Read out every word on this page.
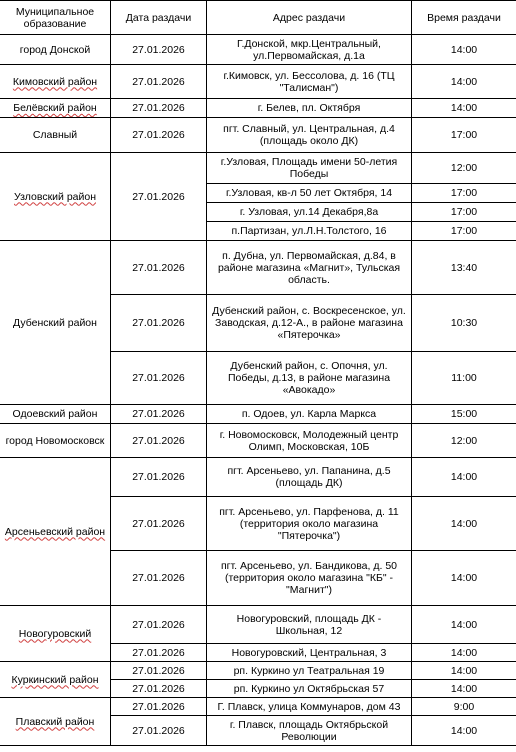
Муниципальное образование	Дата раздачи	Адрес раздачи	Время раздачи
город Донской	27.01.2026	Г.Донской, мкр.Центральный, ул.Первомайская, д.1а	14:00
Кимовский район	27.01.2026	г.Кимовск, ул. Бессолова, д. 16 (ТЦ "Талисман")	14:00
Белёвский район	27.01.2026	г. Белев, пл. Октября	14:00
Славный	27.01.2026	пгт. Славный, ул. Центральная, д.4 (площадь около ДК)	17:00
Узловский район	27.01.2026	г.Узловая, Площадь имени 50-летия Победы	12:00
		г.Узловая, кв-л 50 лет Октября, 14	17:00
		г. Узловая, ул.14 Декабря,8а	17:00
		п.Партизан, ул.Л.Н.Толстого, 16	17:00
Дубенский район	27.01.2026	п. Дубна, ул. Первомайская, д.84, в районе магазина «Магнит», Тульская область.	13:40
	27.01.2026	Дубенский район, с. Воскресенское, ул. Заводская, д.12-А., в районе магазина «Пятерочка»	10:30
	27.01.2026	Дубенский район, с. Опочня, ул. Победы, д.13, в районе магазина «Авокадо»	11:00
Одоевский район	27.01.2026	п. Одоев, ул. Карла Маркса	15:00
город Новомосковск	27.01.2026	г. Новомосковск, Молодежный центр Олимп, Московская, 10Б	12:00
Арсеньевский район	27.01.2026	пгт. Арсеньево, ул. Папанина, д.5 (площадь ДК)	14:00
	27.01.2026	пгт. Арсеньево, ул. Парфенова, д. 11 (территория около магазина "Пятерочка")	14:00
	27.01.2026	пгт. Арсеньево, ул. Бандикова, д. 50 (территория около магазина "КБ" - "Магнит")	14:00
Новогуровский	27.01.2026	Новогуровский, площадь ДК - Школьная, 12	14:00
	27.01.2026	Новогуровский, Центральная, 3	14:00
Куркинский район	27.01.2026	рп. Куркино ул Театральная 19	14:00
	27.01.2026	рп. Куркино ул Октябрьская 57	14:00
Плавский район	27.01.2026	Г. Плавск, улица Коммунаров, дом 43	9:00
	27.01.2026	г. Плавск, площадь Октябрьской Революции	14:00
